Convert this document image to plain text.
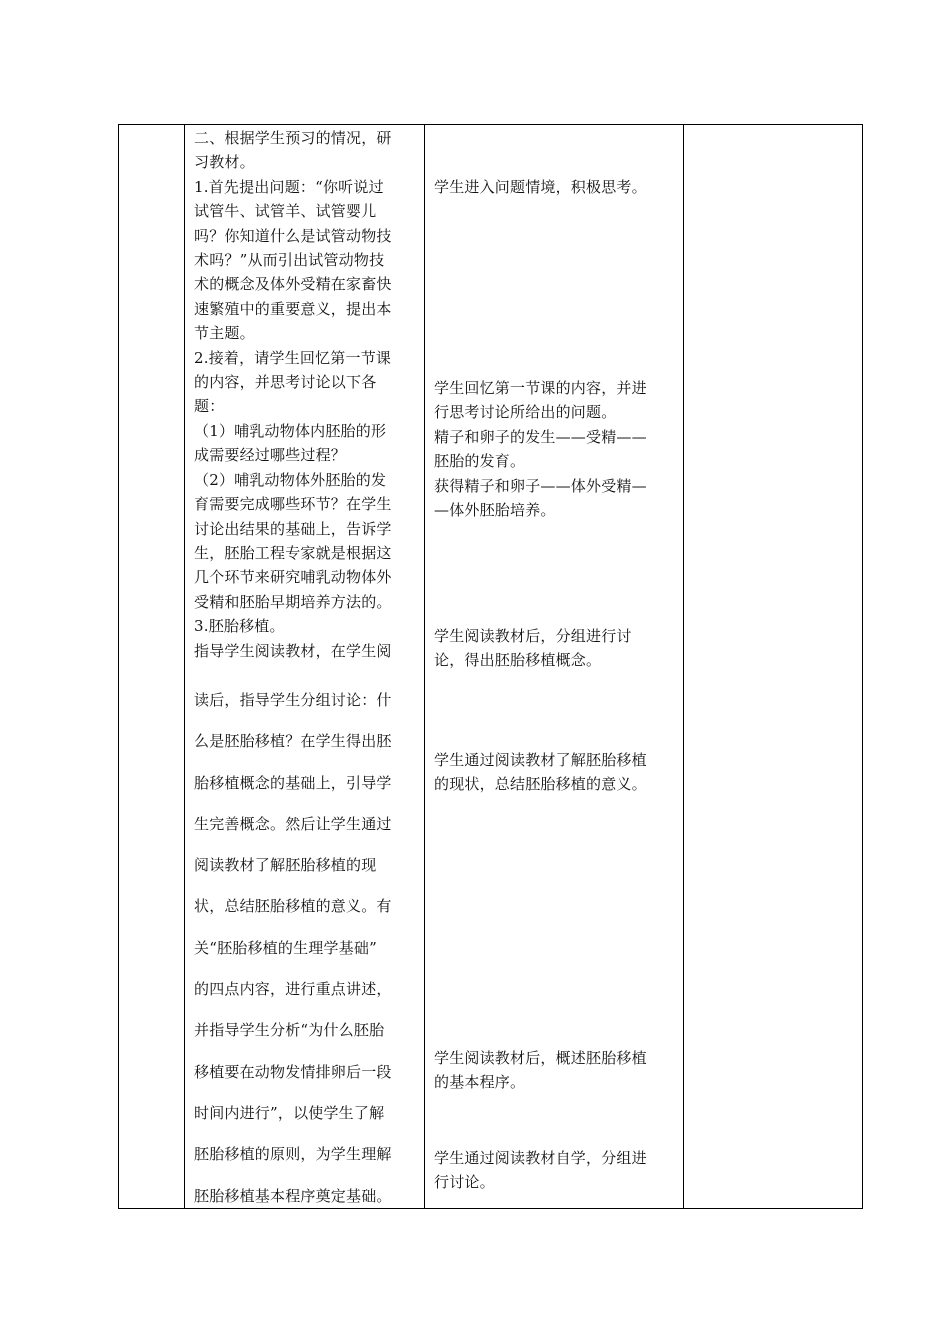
二、根据学生预习的情况，研
习教材。
1.首先提出问题：“你听说过
试管牛、试管羊、试管婴儿
吗？你知道什么是试管动物技
术吗？”从而引出试管动物技
术的概念及体外受精在家畜快
速繁殖中的重要意义，提出本
节主题。
2.接着，请学生回忆第一节课
的内容，并思考讨论以下各
题：
（1）哺乳动物体内胚胎的形
成需要经过哪些过程？
（2）哺乳动物体外胚胎的发
育需要完成哪些环节？在学生
讨论出结果的基础上，告诉学
生，胚胎工程专家就是根据这
几个环节来研究哺乳动物体外
受精和胚胎早期培养方法的。
3.胚胎移植。
指导学生阅读教材，在学生阅
读后，指导学生分组讨论：什
么是胚胎移植？在学生得出胚
胎移植概念的基础上，引导学
生完善概念。然后让学生通过
阅读教材了解胚胎移植的现
状，总结胚胎移植的意义。有
关“胚胎移植的生理学基础”
的四点内容，进行重点讲述，
并指导学生分析“为什么胚胎
移植要在动物发情排卵后一段
时间内进行”，以使学生了解
胚胎移植的原则，为学生理解
胚胎移植基本程序奠定基础。
学生进入问题情境，积极思考。
学生回忆第一节课的内容，并进
行思考讨论所给出的问题。
精子和卵子的发生——受精——
胚胎的发育。
获得精子和卵子——体外受精—
—体外胚胎培养。
学生阅读教材后，分组进行讨
论，得出胚胎移植概念。
学生通过阅读教材了解胚胎移植
的现状，总结胚胎移植的意义。
学生阅读教材后，概述胚胎移植
的基本程序。
学生通过阅读教材自学，分组进
行讨论。
